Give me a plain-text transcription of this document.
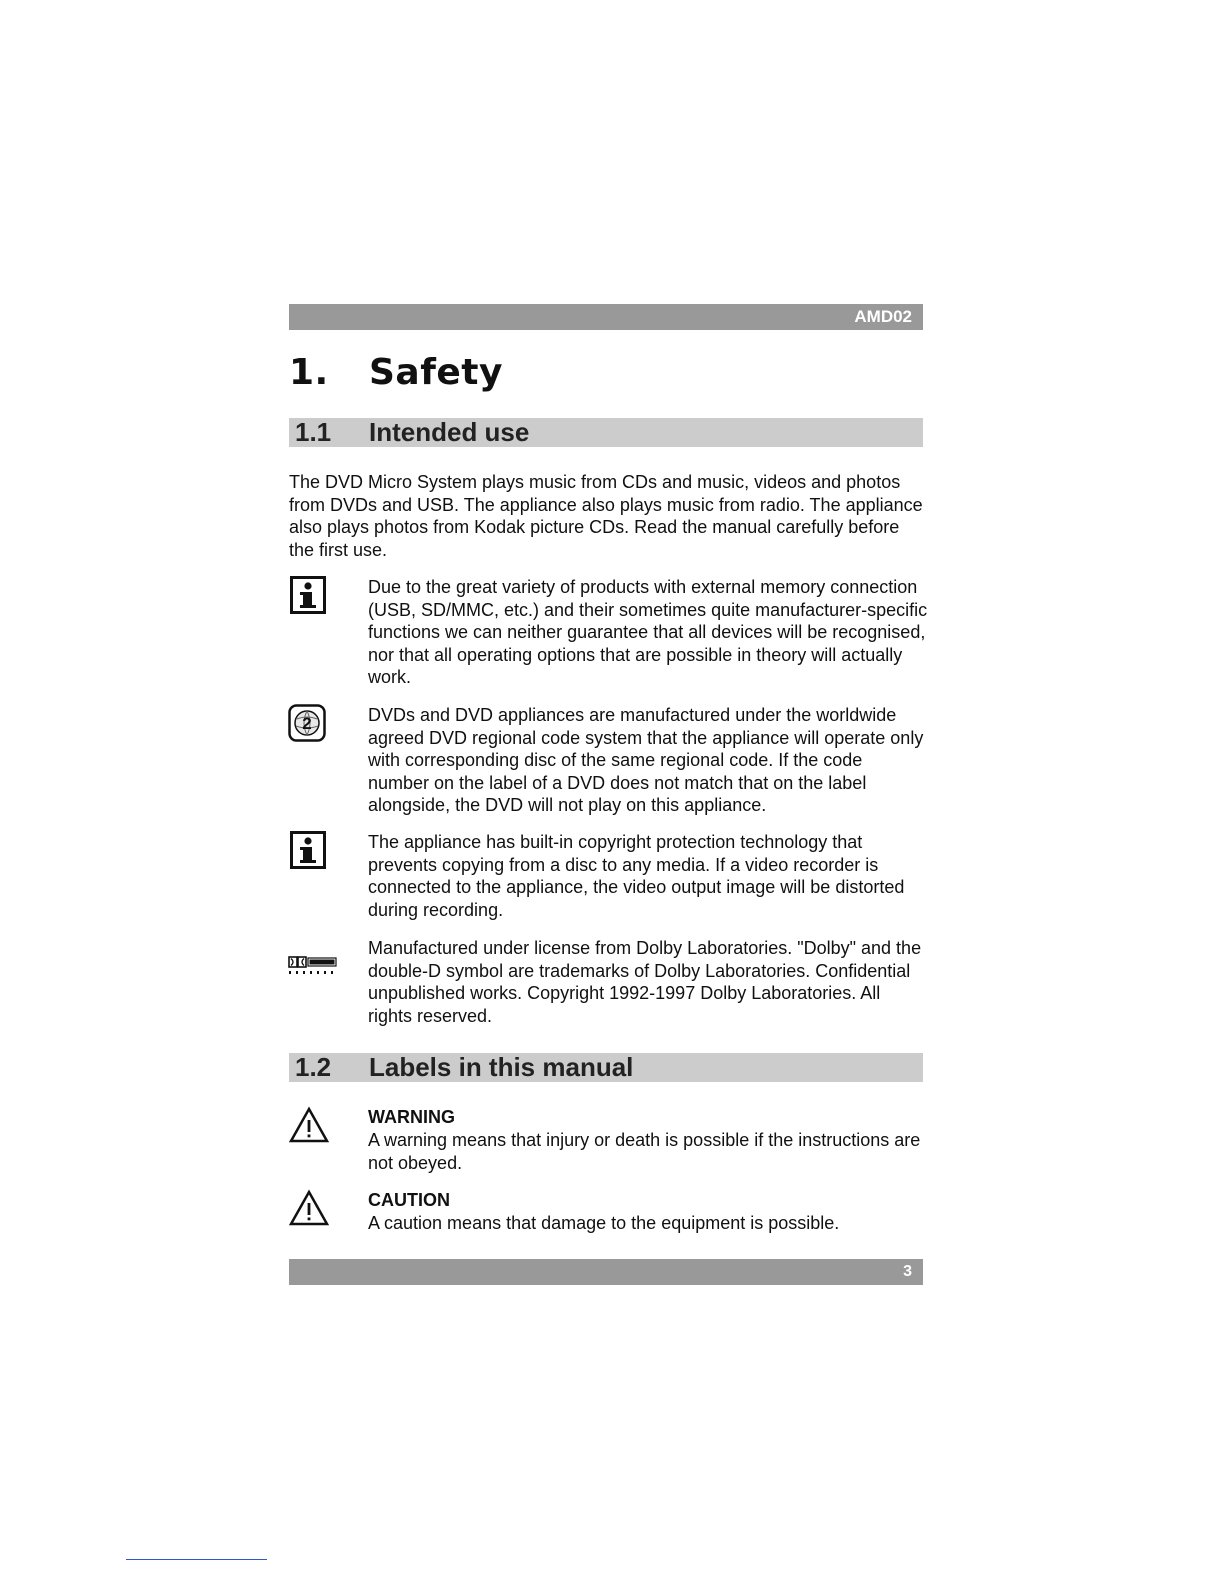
AMD02
1. Safety
1.1 Intended use
The DVD Micro System plays music from CDs and music, videos and photos from DVDs and USB. The appliance also plays music from radio. The appliance also plays photos from Kodak picture CDs. Read the manual carefully before the first use.
Due to the great variety of products with external memory connection (USB, SD/MMC, etc.) and their sometimes quite manufacturer-specific functions we can neither guarantee that all devices will be recognised, nor that all operating options that are possible in theory will actually work.
2	DVDs and DVD appliances are manufactured under the worldwide agreed DVD regional code system that the appliance will operate only with corresponding disc of the same regional code. If the code number on the label of a DVD does not match that on the label alongside, the DVD will not play on this appliance.
The appliance has built-in copyright protection technology that prevents copying from a disc to any media. If a video recorder is connected to the appliance, the video output image will be distorted during recording.
Manufactured under license from Dolby Laboratories. "Dolby" and the double-D symbol are trademarks of Dolby Laboratories. Confidential unpublished works. Copyright 1992-1997 Dolby Laboratories. All rights reserved.
1.2 Labels in this manual
WARNING
A warning means that injury or death is possible if the instructions are not obeyed.
CAUTION
A caution means that damage to the equipment is possible.
3
